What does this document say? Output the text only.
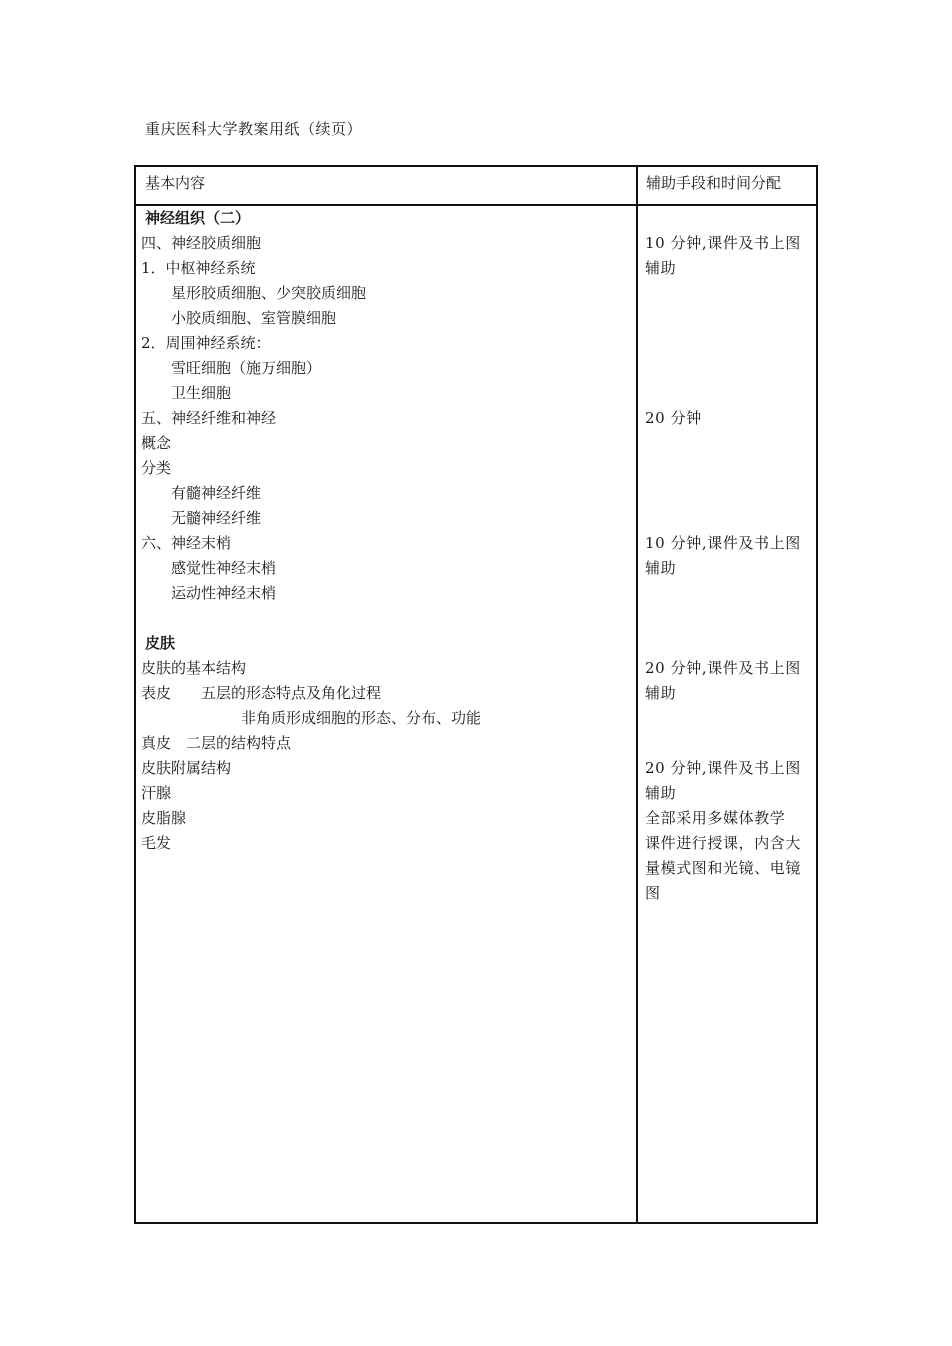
重庆医科大学教案用纸（续页）
基本内容	辅助手段和时间分配
神经组织（二）
四、神经胶质细胞
1．中枢神经系统
星形胶质细胞、少突胶质细胞
小胶质细胞、室管膜细胞
2．周围神经系统：
雪旺细胞（施万细胞）
卫生细胞
五、神经纤维和神经
概念
分类
有髓神经纤维
无髓神经纤维
六、神经末梢
感觉性神经末梢
运动性神经末梢
皮肤
皮肤的基本结构
表皮　　五层的形态特点及角化过程
非角质形成细胞的形态、分布、功能
真皮　二层的结构特点
皮肤附属结构
汗腺
皮脂腺
毛发
10 分钟,课件及书上图
辅助
20 分钟
10 分钟,课件及书上图
辅助
20 分钟,课件及书上图
辅助
20 分钟,课件及书上图
辅助
全部采用多媒体教学
课件进行授课，内含大
量模式图和光镜、电镜
图
